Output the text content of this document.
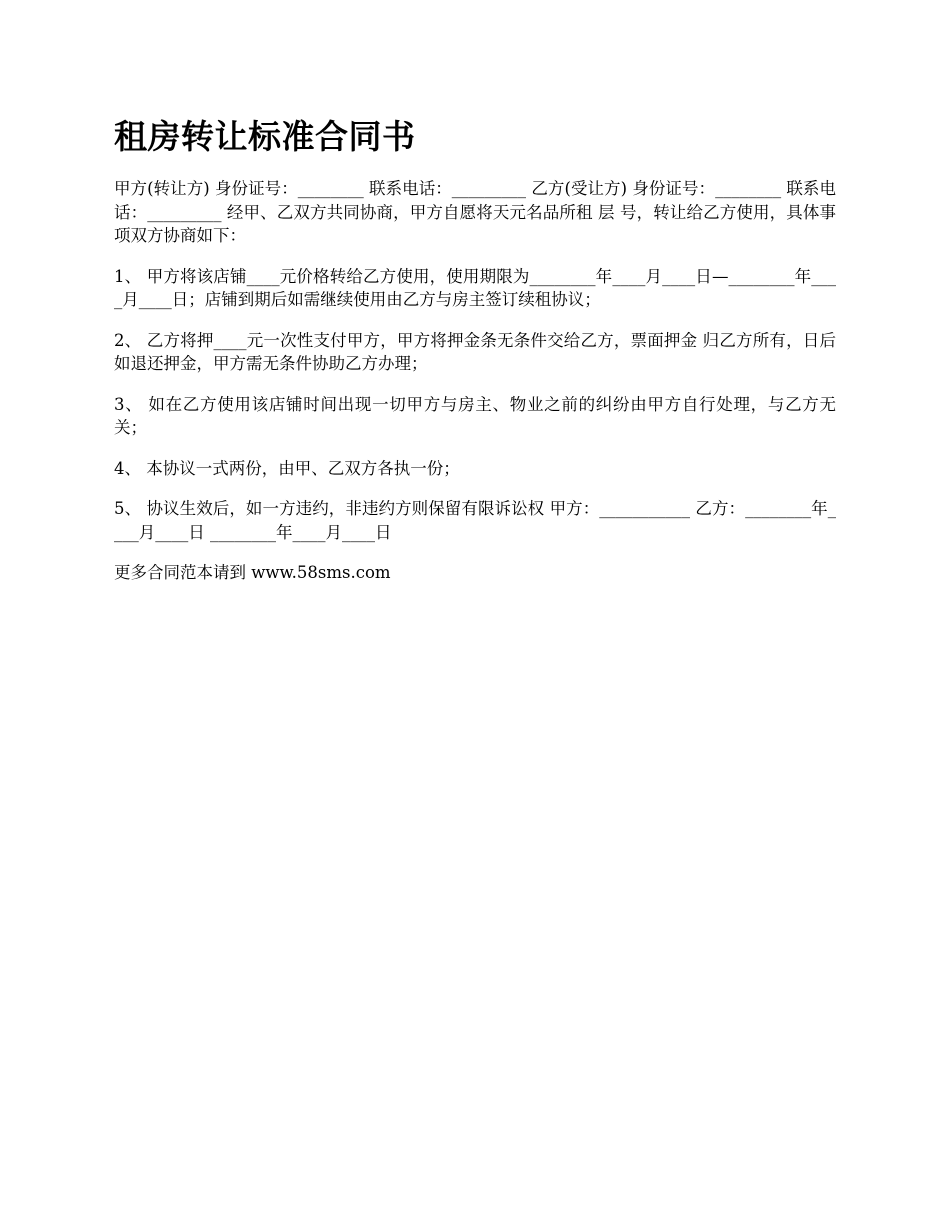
租房转让标准合同书

甲方(转让方) 身份证号：________ 联系电话：_________ 乙方(受让方) 身份证号：________ 联系电话：_________ 经甲、乙双方共同协商，甲方自愿将天元名品所租 层 号，转让给乙方使用，具体事项双方协商如下：

1、 甲方将该店铺____元价格转给乙方使用，使用期限为________年____月____日—________年____月____日；店铺到期后如需继续使用由乙方与房主签订续租协议；

2、 乙方将押____元一次性支付甲方，甲方将押金条无条件交给乙方，票面押金 归乙方所有，日后如退还押金，甲方需无条件协助乙方办理；

3、 如在乙方使用该店铺时间出现一切甲方与房主、物业之前的纠纷由甲方自行处理，与乙方无关；

4、 本协议一式两份，由甲、乙双方各执一份；

5、 协议生效后，如一方违约，非违约方则保留有限诉讼权 甲方：___________ 乙方：________年____月____日 ________年____月____日

更多合同范本请到 www.58sms.com
